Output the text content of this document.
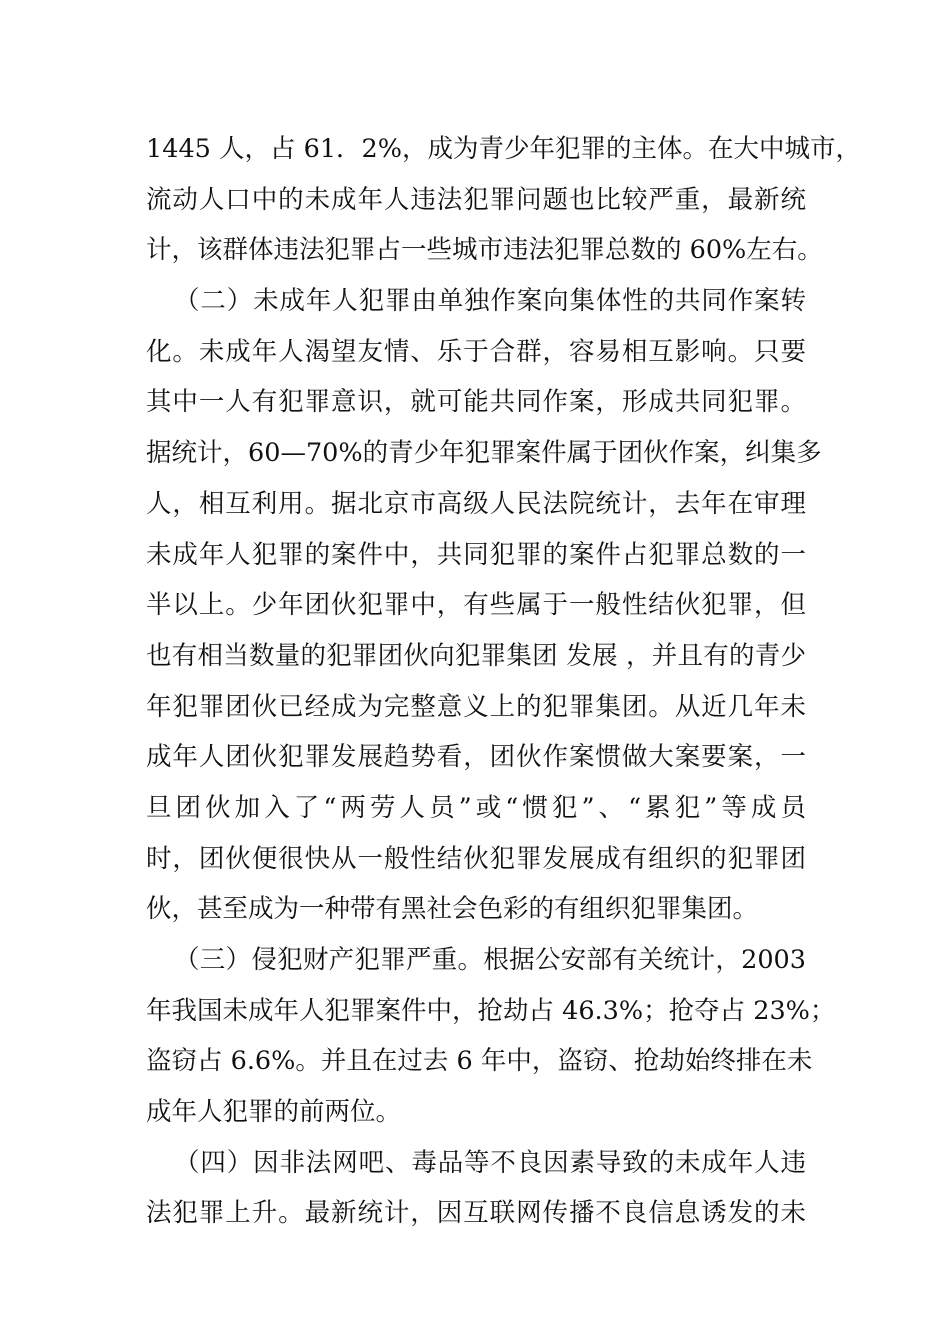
1445 人，占 61．2%，成为青少年犯罪的主体。在大中城市，
流动人口中的未成年人违法犯罪问题也比较严重，最新统
计，该群体违法犯罪占一些城市违法犯罪总数的 60%左右。
（二）未成年人犯罪由单独作案向集体性的共同作案转
化。未成年人渴望友情、乐于合群，容易相互影响。只要
其中一人有犯罪意识，就可能共同作案，形成共同犯罪。
据统计，60—70%的青少年犯罪案件属于团伙作案，纠集多
人，相互利用。据北京市高级人民法院统计，去年在审理
未成年人犯罪的案件中，共同犯罪的案件占犯罪总数的一
半以上。少年团伙犯罪中，有些属于一般性结伙犯罪，但
也有相当数量的犯罪团伙向犯罪集团 发展 ，并且有的青少
年犯罪团伙已经成为完整意义上的犯罪集团。从近几年未
成年人团伙犯罪发展趋势看，团伙作案惯做大案要案，一
旦团伙加入了“两劳人员”或“惯犯”、“累犯”等成员
时，团伙便很快从一般性结伙犯罪发展成有组织的犯罪团
伙，甚至成为一种带有黑社会色彩的有组织犯罪集团。
（三）侵犯财产犯罪严重。根据公安部有关统计，2003
年我国未成年人犯罪案件中，抢劫占 46.3%；抢夺占 23%；
盗窃占 6.6%。并且在过去 6 年中，盗窃、抢劫始终排在未
成年人犯罪的前两位。
（四）因非法网吧、毒品等不良因素导致的未成年人违
法犯罪上升。最新统计，因互联网传播不良信息诱发的未
